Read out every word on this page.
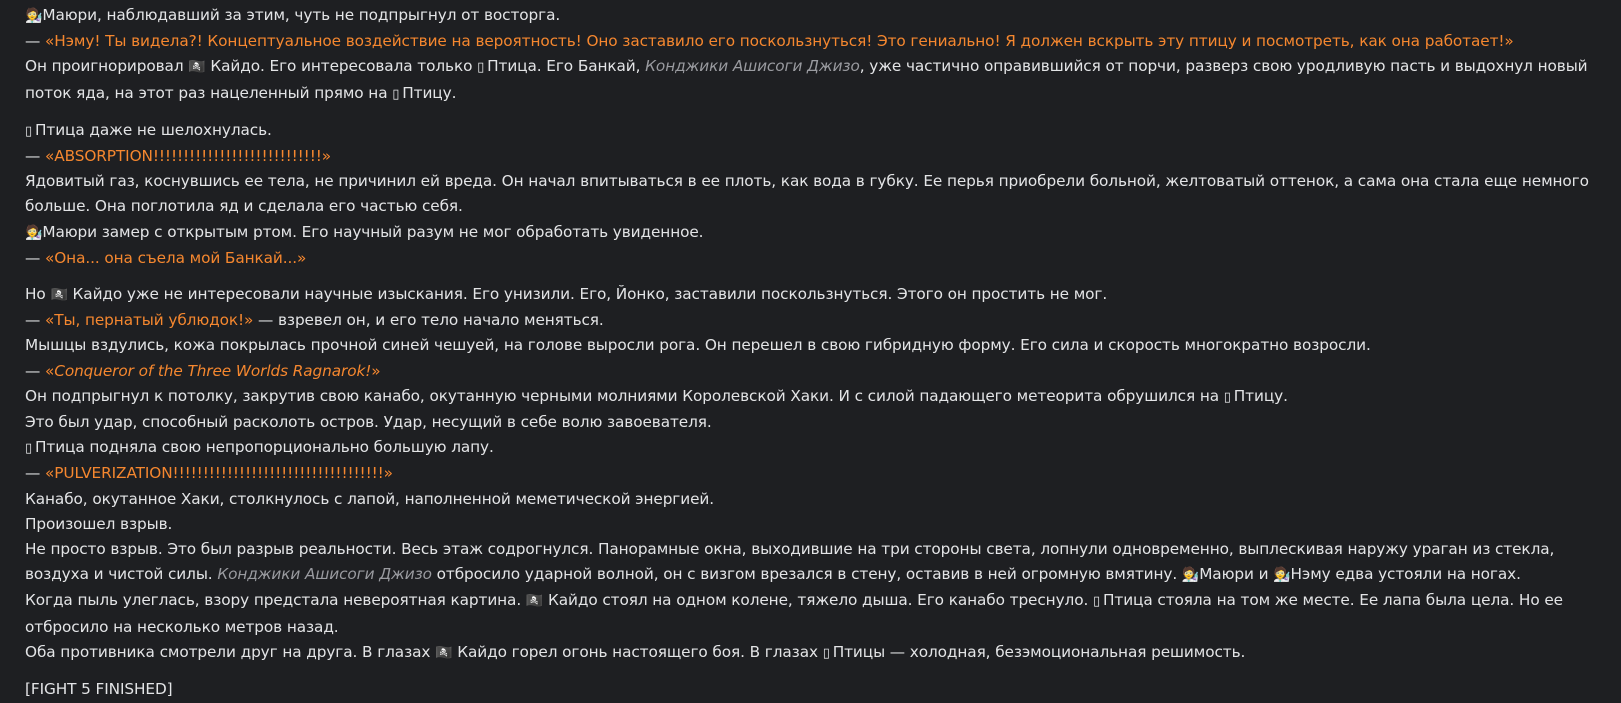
🧑‍🔬Маюри, наблюдавший за этим, чуть не подпрыгнул от восторга.

— «Нэму! Ты видела?! Концептуальное воздействие на вероятность! Оно заставило его поскользнуться! Это гениально! Я должен вскрыть эту птицу и посмотреть, как она работает!»

Он проигнорировал 🏴‍☠️ Кайдо. Его интересовала только ▯ Птица. Его Банкай, Конджики Ашисоги Джизо, уже частично оправившийся от порчи, разверз свою уродливую пасть и выдохнул новый поток яда, на этот раз нацеленный прямо на ▯ Птицу.

▯ Птица даже не шелохнулась.

— «ABSORPTION!!!!!!!!!!!!!!!!!!!!!!!!!!!!»

Ядовитый газ, коснувшись ее тела, не причинил ей вреда. Он начал впитываться в ее плоть, как вода в губку. Ее перья приобрели больной, желтоватый оттенок, а сама она стала еще немного больше. Она поглотила яд и сделала его частью себя.

🧑‍🔬Маюри замер с открытым ртом. Его научный разум не мог обработать увиденное.

— «Она... она съела мой Банкай...»

Но 🏴‍☠️ Кайдо уже не интересовали научные изыскания. Его унизили. Его, Йонко, заставили поскользнуться. Этого он простить не мог.

— «Ты, пернатый ублюдок!» — взревел он, и его тело начало меняться.

Мышцы вздулись, кожа покрылась прочной синей чешуей, на голове выросли рога. Он перешел в свою гибридную форму. Его сила и скорость многократно возросли.

— «Conqueror of the Three Worlds Ragnarok!»

Он подпрыгнул к потолку, закрутив свою канабо, окутанную черными молниями Королевской Хаки. И с силой падающего метеорита обрушился на ▯ Птицу.

Это был удар, способный расколоть остров. Удар, несущий в себе волю завоевателя.

▯ Птица подняла свою непропорционально большую лапу.

— «PULVERIZATION!!!!!!!!!!!!!!!!!!!!!!!!!!!!!!!!!!!»

Канабо, окутанное Хаки, столкнулось с лапой, наполненной меметической энергией.

Произошел взрыв.

Не просто взрыв. Это был разрыв реальности. Весь этаж содрогнулся. Панорамные окна, выходившие на три стороны света, лопнули одновременно, выплескивая наружу ураган из стекла, воздуха и чистой силы. Конджики Ашисоги Джизо отбросило ударной волной, он с визгом врезался в стену, оставив в ней огромную вмятину. 🧑‍🔬Маюри и 🧑‍🔬Нэму едва устояли на ногах.

Когда пыль улеглась, взору предстала невероятная картина. 🏴‍☠️ Кайдо стоял на одном колене, тяжело дыша. Его канабо треснуло. ▯ Птица стояла на том же месте. Ее лапа была цела. Но ее отбросило на несколько метров назад.

Оба противника смотрели друг на друга. В глазах 🏴‍☠️ Кайдо горел огонь настоящего боя. В глазах ▯ Птицы — холодная, безэмоциональная решимость.

[FIGHT 5 FINISHED]
